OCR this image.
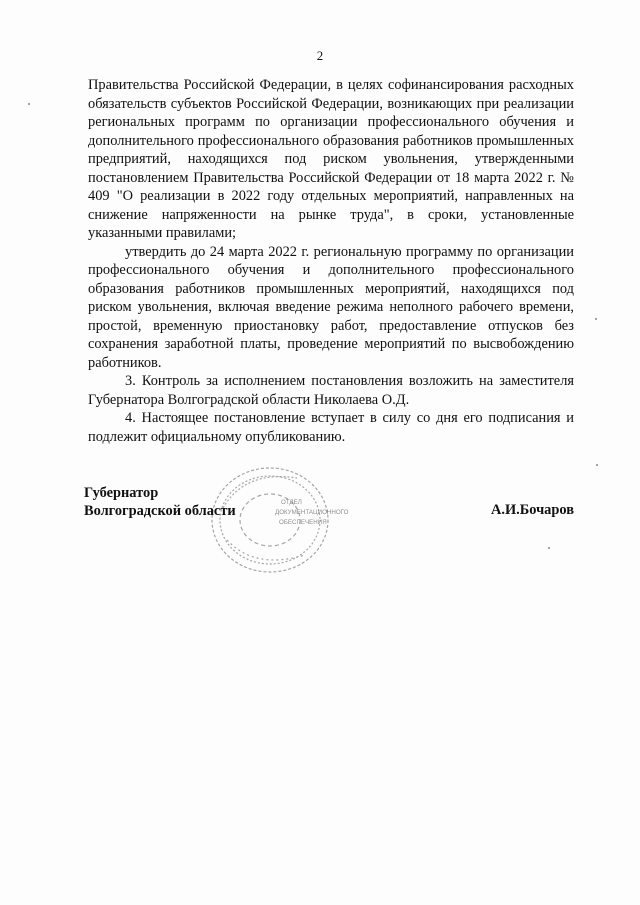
2

Правительства Российской Федерации, в целях софинансирования расходных обязательств субъектов Российской Федерации, возникающих при реализации региональных программ по организации профессионального обучения и дополнительного профессионального образования работников промышленных предприятий, находящихся под риском увольнения, утвержденными постановлением Правительства Российской Федерации от 18 марта 2022 г. № 409 "О реализации в 2022 году отдельных мероприятий, направленных на снижение напряженности на рынке труда", в сроки, установленные указанными правилами;

утвердить до 24 марта 2022 г. региональную программу по организации профессионального обучения и дополнительного профессионального образования работников промышленных мероприятий, находящихся под риском увольнения, включая введение режима неполного рабочего времени, простой, временную приостановку работ, предоставление отпусков без сохранения заработной платы, проведение мероприятий по высвобождению работников.

3. Контроль за исполнением постановления возложить на заместителя Губернатора Волгоградской области Николаева О.Д.

4. Настоящее постановление вступает в силу со дня его подписания и подлежит официальному опубликованию.

ОТДЕЛ
ДОКУМЕНТАЦИОННОГО
ОБЕСПЕЧЕНИЯ
Губернатор
Волгоградской области	А.И.Бочаров
